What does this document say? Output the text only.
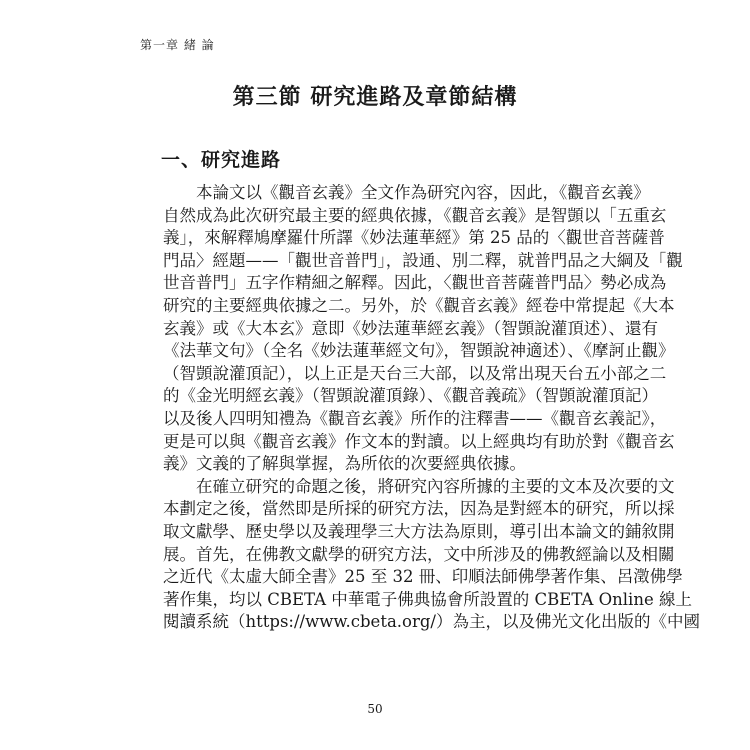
第一章 緒 論
第三節 研究進路及章節結構
一、研究進路
　　本論文以《觀音玄義》全文作為研究內容，因此，《觀音玄義》
自然成為此次研究最主要的經典依據，《觀音玄義》是智顗以「五重玄
義」，來解釋鳩摩羅什所譯《妙法蓮華經》第 25 品的〈觀世音菩薩普
門品〉經題——「觀世音普門」，設通、別二釋，就普門品之大綱及「觀
世音普門」五字作精細之解釋。因此，〈觀世音菩薩普門品〉勢必成為
研究的主要經典依據之二。另外，於《觀音玄義》經卷中常提起《大本
玄義》或《大本玄》意即《妙法蓮華經玄義》（智顗說灌頂述）、還有
《法華文句》（全名《妙法蓮華經文句》，智顗說神適述）、《摩訶止觀》
（智顗說灌頂記），以上正是天台三大部，以及常出現天台五小部之二
的《金光明經玄義》（智顗說灌頂錄）、《觀音義疏》（智顗說灌頂記）
以及後人四明知禮為《觀音玄義》所作的注釋書——《觀音玄義記》，
更是可以與《觀音玄義》作文本的對讀。以上經典均有助於對《觀音玄
義》文義的了解與掌握，為所依的次要經典依據。
　　在確立研究的命題之後，將研究內容所據的主要的文本及次要的文
本劃定之後，當然即是所採的研究方法，因為是對經本的研究，所以採
取文獻學、歷史學以及義理學三大方法為原則，導引出本論文的鋪敘開
展。首先，在佛教文獻學的研究方法，文中所涉及的佛教經論以及相關
之近代《太虛大師全書》25 至 32 冊、印順法師佛學著作集、呂澂佛學
著作集，均以 CBETA 中華電子佛典協會所設置的 CBETA Online 線上
閱讀系統（https://www.cbeta.org/）為主，以及佛光文化出版的《中國
50
